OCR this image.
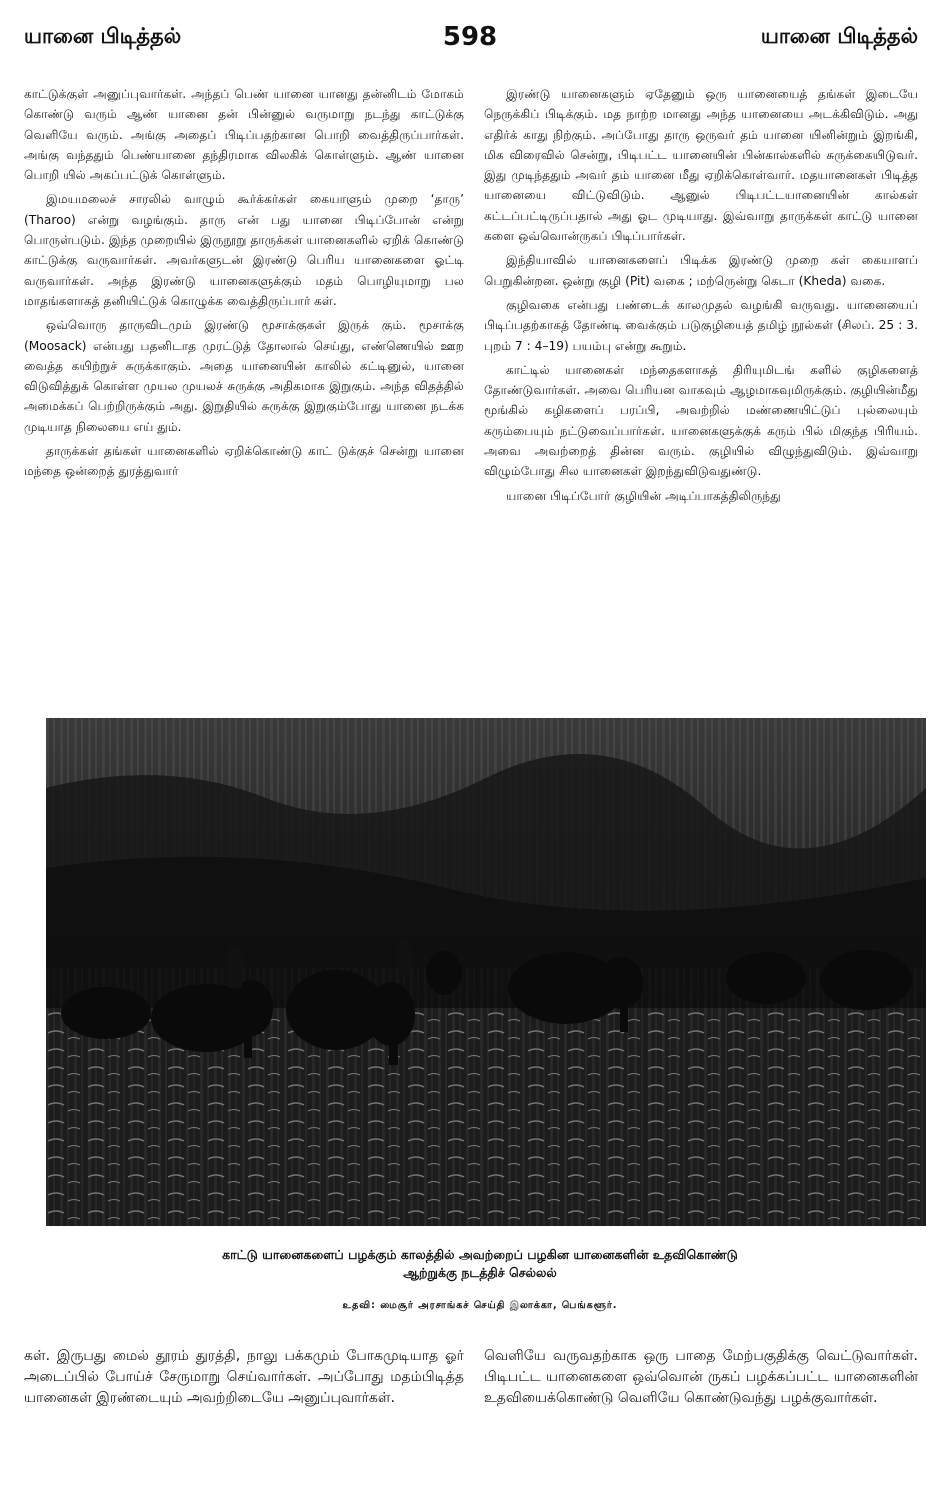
யானை பிடித்தல்	598	யானை பிடித்தல்

காட்டுக்குள் அனுப்புவார்கள். அந்தப் பெண் யானை யானது தன்னிடம் மோகம் கொண்டு வரும் ஆண் யானை தன் பின்னுல் வருமாறு நடந்து காட்டுக்கு வெளியே வரும். அங்கு அதைப் பிடிப்பதற்கான பொறி வைத்திருப்பார்கள். அங்கு வந்ததும் பெண்யானை தந்திரமாக விலகிக் கொள்ளும். ஆண் யானை பொறி யில் அகப்பட்டுக் கொள்ளும்.

இமயமலைச் சாரலில் வாழும் கூர்க்கர்கள் கையாளும் முறை ‘தாரு’ (Tharoo) என்று வழங்கும். தாரு என் பது யானை பிடிப்போன் என்று பொருள்படும். இந்த முறையில் இருநூறு தாருக்கள் யானைகளில் ஏறிக் கொண்டு காட்டுக்கு வருவார்கள். அவர்களுடன் இரண்டு பெரிய யானைகளை ஓட்டி வருவார்கள். அந்த இரண்டு யானைகளுக்கும் மதம் பொழியுமாறு பல மாதங்களாகத் தனியிட்டுக் கொழுக்க வைத்திருப்பார் கள்.

ஒவ்வொரு தாருவிடமும் இரண்டு மூசாக்குகள் இருக் கும். மூசாக்கு (Moosack) என்பது பதனிடாத முரட்டுத் தோலால் செய்து, எண்ணெயில் ஊற வைத்த கயிற்றுச் சுருக்காகும். அதை யானையின் காலில் கட்டினுல், யானை விடுவித்துக் கொள்ள முயல முயலச் சுருக்கு அதிகமாக இறுகும். அந்த விதத்தில் அமைக்கப் பெற்றிருக்கும் அது. இறுதியில் சுருக்கு இறுகும்போது யானை நடக்க முடியாத நிலையை எய் தும்.

தாருக்கள் தங்கள் யானைகளில் ஏறிக்கொண்டு காட் டுக்குச் சென்று யானை மந்தை ஒன்றைத் துரத்துவார்

இரண்டு யானைகளும் ஏதேனும் ஒரு யானையைத் தங்கள் இடையே நெருக்கிப் பிடிக்கும். மத நாற்ற மானது அந்த யானையை அடக்கிவிடும். அது எதிர்க் காது நிற்கும். அப்போது தாரு ஒருவர் தம் யானை யினின்றும் இறங்கி, மிக விரைவில் சென்று, பிடிபட்ட யானையின் பின்கால்களில் சுருக்கையிடுவர். இது முடிந்ததும் அவர் தம் யானை மீது ஏறிக்கொள்வார். மதயானைகள் பிடித்த யானையை விட்டுவிடும். ஆனுல் பிடிபட்டயானையின் கால்கள் கட்டப்பட்டிருப்பதால் அது ஓட முடியாது. இவ்வாறு தாருக்கள் காட்டு யானை களை ஒவ்வொன்ருகப் பிடிப்பார்கள்.

இந்தியாவில் யானைகளைப் பிடிக்க இரண்டு முறை கள் கையாளப் பெறுகின்றன. ஒன்று குழி (Pit) வகை ; மற்ருென்று கெடா (Kheda) வகை.

குழிவகை என்பது பண்டைக் காலமுதல் வழங்கி வருவது. யானையைப் பிடிப்பதற்காகத் தோண்டி வைக்கும் படுகுழியைத் தமிழ் நூல்கள் (சிலப். 25 : 3. புறம் 7 : 4–19) பயம்பு என்று கூறும்.

காட்டில் யானைகள் மந்தைகளாகத் திரியுமிடங் களில் குழிகளைத் தோண்டுவார்கள். அவை பெரியன வாகவும் ஆழமாகவுமிருக்கும். குழியின்மீது மூங்கில் கழிகளைப் பரப்பி, அவற்றில் மண்ணையிட்டுப் புல்லையும் கரும்பையும் நட்டுவைப்பார்கள். யானைகளுக்குக் கரும் பில் மிகுந்த பிரியம். அவை அவற்றைத் தின்ன வரும். குழியில் விழுந்துவிடும். இவ்வாறு விழும்போது சில யானைகள் இறந்துவிடுவதுண்டு.

யானை பிடிப்போர் குழியின் அடிப்பாகத்திலிருந்து

காட்டு யானைகளைப் பழக்கும் காலத்தில் அவற்றைப் பழகின யானைகளின் உதவிகொண்டு
ஆற்றுக்கு நடத்திச் செல்லல்
உதவி: மைசூர் அரசாங்கச் செய்தி இலாக்கா, பெங்களூர்.

கள். இருபது மைல் தூரம் துரத்தி, நாலு பக்கமும் போகமுடியாத ஓர் அடைப்பில் போய்ச் சேருமாறு செய்வார்கள். அப்போது மதம்பிடித்த யானைகள் இரண்டையும் அவற்றிடையே அனுப்புவார்கள்.

வெளியே வருவதற்காக ஒரு பாதை மேற்பகுதிக்கு வெட்டுவார்கள். பிடிபட்ட யானைகளை ஒவ்வொன் ருகப் பழக்கப்பட்ட யானைகளின் உதவியைக்கொண்டு வெளியே கொண்டுவந்து பழக்குவார்கள்.
